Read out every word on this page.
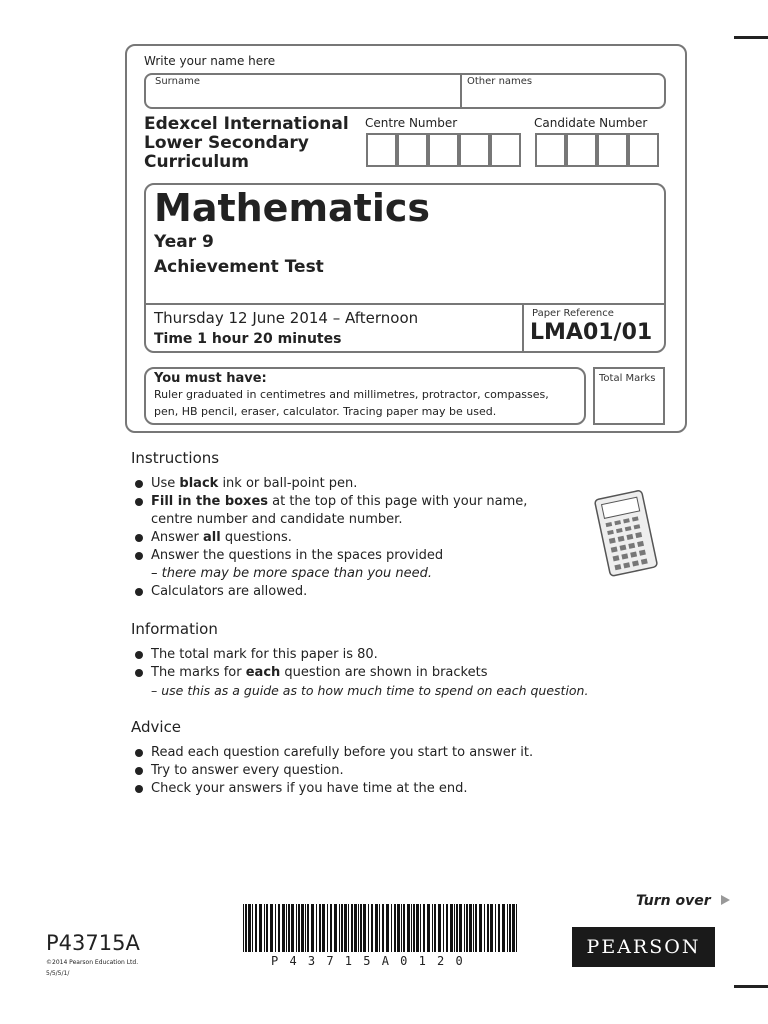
Write your name here
Surname	Other names
Edexcel International
Lower Secondary
Curriculum
Centre Number	Candidate Number
Mathematics
Year 9
Achievement Test
Thursday 12 June 2014 – Afternoon
Time 1 hour 20 minutes
Paper Reference
LMA01/01
You must have:
Ruler graduated in centimetres and millimetres, protractor, compasses,
pen, HB pencil, eraser, calculator. Tracing paper may be used.
Total Marks
Instructions
Use black ink or ball-point pen.
Fill in the boxes at the top of this page with your name,
centre number and candidate number.
Answer all questions.
Answer the questions in the spaces provided
– there may be more space than you need.
Calculators are allowed.
Information
The total mark for this paper is 80.
The marks for each question are shown in brackets
– use this as a guide as to how much time to spend on each question.
Advice
Read each question carefully before you start to answer it.
Try to answer every question.
Check your answers if you have time at the end.
Turn over
P43715A
©2014 Pearson Education Ltd.
5/5/5/1/
P 4 3 7 1 5 A 0 1 2 0
PEARSON
